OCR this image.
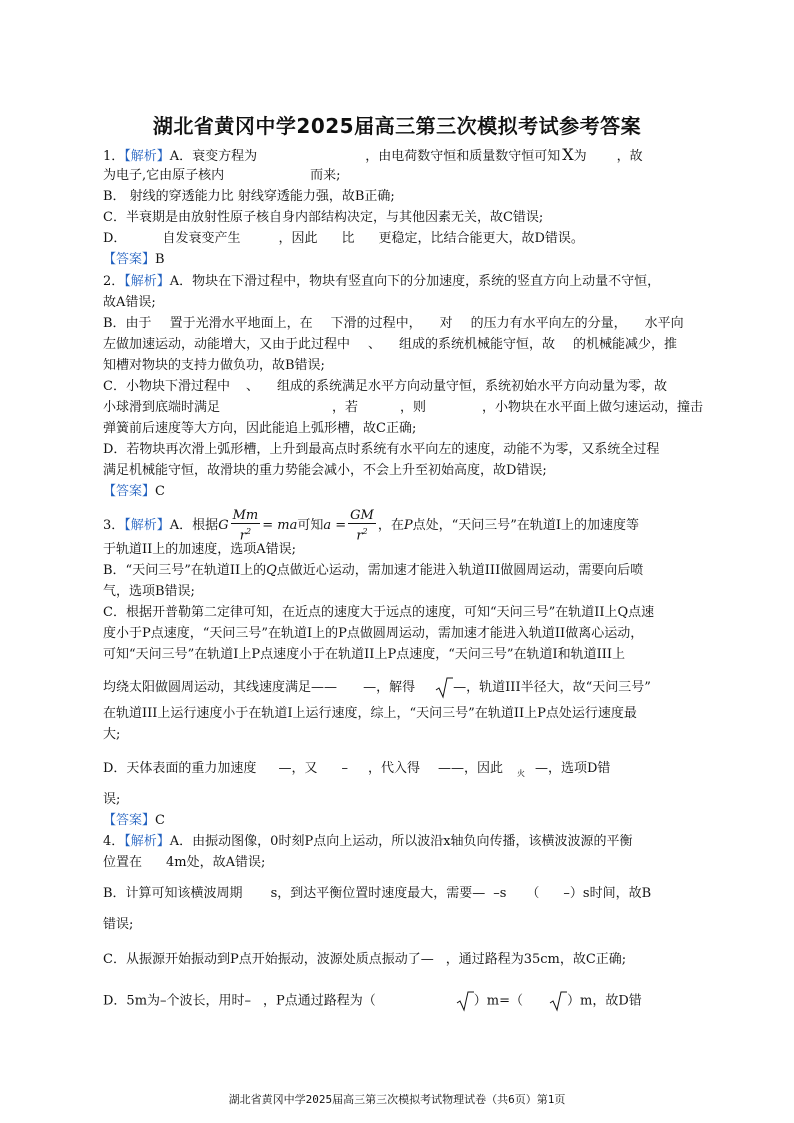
湖北省黄冈中学2025届高三第三次模拟考试参考答案
1．【解析】A．衰变方程为	，由电荷数守恒和质量数守恒可知 X为 ，故
为电子,它由原子核内	而来;
B． 射线的穿透能力比 射线穿透能力强，故B正确;
C．半衰期是由放射性原子核自身内部结构决定，与其他因素无关，故C错误;
D．	自发衰变产生	，因此 比 更稳定，比结合能更大，故D错误。
【答案】B
2．【解析】A．物块在下滑过程中，物块有竖直向下的分加速度，系统的竖直方向上动量不守恒，
故A错误;
B．由于 置于光滑水平地面上，在 下滑的过程中， 对 的压力有水平向左的分量， 水平向
左做加速运动，动能增大，又由于此过程中 、 组成的系统机械能守恒，故 的机械能减少，推
知槽对物块的支持力做负功，故B错误;
C．小物块下滑过程中 、 组成的系统满足水平方向动量守恒，系统初始水平方向动量为零，故
小球滑到底端时满足	，若	，则	，小物块在水平面上做匀速运动，撞击
弹簧前后速度等大方向，因此能追上弧形槽，故C正确;
D．若物块再次滑上弧形槽，上升到最高点时系统有水平向左的速度，动能不为零，又系统全过程
满足机械能守恒，故滑块的重力势能会减小，不会上升至初始高度，故D错误;
【答案】C
3．【解析】A．根据G $\frac{Mm}{r^2}$ = ma可知$a = \frac{GM}{r^2}$ ，在P点处，“天问三号”在轨道I上的加速度等
于轨道II上的加速度，选项A错误;
B．“天问三号”在轨道II上的Q点做近心运动，需加速才能进入轨道III做圆周运动，需要向后喷
气，选项B错误;
C．根据开普勒第二定律可知，在近点的速度大于远点的速度，可知“天问三号”在轨道II上Q点速
度小于P点速度，“天问三号”在轨道I上的P点做圆周运动，需加速才能进入轨道II做离心运动，
可知“天问三号”在轨道I上P点速度小于在轨道II上P点速度，“天问三号”在轨道I和轨道III上
均绕太阳做圆周运动，其线速度满足—— —，解得	—，轨道III半径大，故“天问三号”
在轨道III上运行速度小于在轨道I上运行速度，综上，“天问三号”在轨道II上P点处运行速度最
大;
D．天体表面的重力加速度 —，又 – ，代入得 ——，因此 $_火$ —，选项D错
误;
【答案】C
4．【解析】A．由振动图像，0时刻P点向上运动，所以波沿x轴负向传播，该横波波源的平衡
位置在 4m处，故A错误;
B．计算可知该横波周期 s，到达平衡位置时速度最大，需要— –s （ –）s时间，故B
错误;
C．从振源开始振动到P点开始振动，波源处质点振动了— ，通过路程为35cm，故C正确;
D．5m为–个波长，用时– ，P点通过路程为（	）m=（	）m，故D错
湖北省黄冈中学2025届高三第三次模拟考试物理试卷（共6页）第1页
